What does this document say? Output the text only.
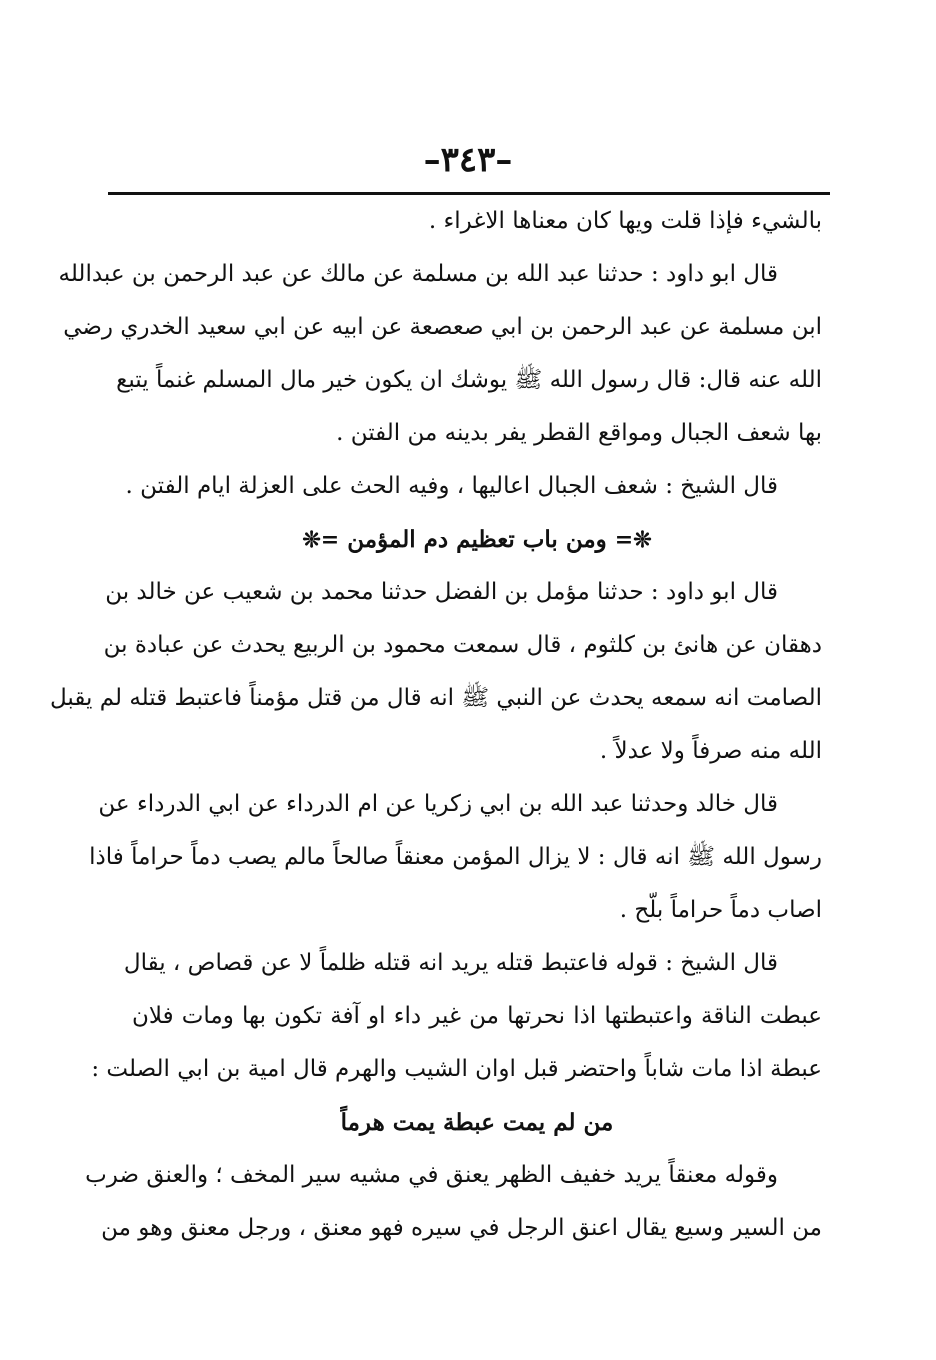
–٣٤٣–
بالشيء فإذا قلت ويها كان معناها الاغراء .
قال ابو داود : حدثنا عبد الله بن مسلمة عن مالك عن عبد الرحمن بن عبدالله
ابن مسلمة عن عبد الرحمن بن ابي صعصعة عن ابيه عن ابي سعيد الخدري رضي
الله عنه قال: قال رسول الله ﷺ يوشك ان يكون خير مال المسلم غنماً يتبع
بها شعف الجبال ومواقع القطر يفر بدينه من الفتن .
قال الشيخ : شعف الجبال اعاليها ، وفيه الحث على العزلة ايام الفتن .
❊= ومن باب تعظيم دم المؤمن =❊
قال ابو داود : حدثنا مؤمل بن الفضل حدثنا محمد بن شعيب عن خالد بن
دهقان عن هانئ بن كلثوم ، قال سمعت محمود بن الربيع يحدث عن عبادة بن
الصامت انه سمعه يحدث عن النبي ﷺ انه قال من قتل مؤمناً فاعتبط قتله لم يقبل
الله منه صرفاً ولا عدلاً .
قال خالد وحدثنا عبد الله بن ابي زكريا عن ام الدرداء عن ابي الدرداء عن
رسول الله ﷺ انه قال : لا يزال المؤمن معنقاً صالحاً مالم يصب دماً حراماً فاذا
اصاب دماً حراماً بلّح .
قال الشيخ : قوله فاعتبط قتله يريد انه قتله ظلماً لا عن قصاص ، يقال
عبطت الناقة واعتبطتها اذا نحرتها من غير داء او آفة تكون بها ومات فلان
عبطة اذا مات شاباً واحتضر قبل اوان الشيب والهرم قال امية بن ابي الصلت :
من لم يمت عبطة يمت هرماً
وقوله معنقاً يريد خفيف الظهر يعنق في مشيه سير المخف ؛ والعنق ضرب
من السير وسيع يقال اعنق الرجل في سيره فهو معنق ، ورجل معنق وهو من
